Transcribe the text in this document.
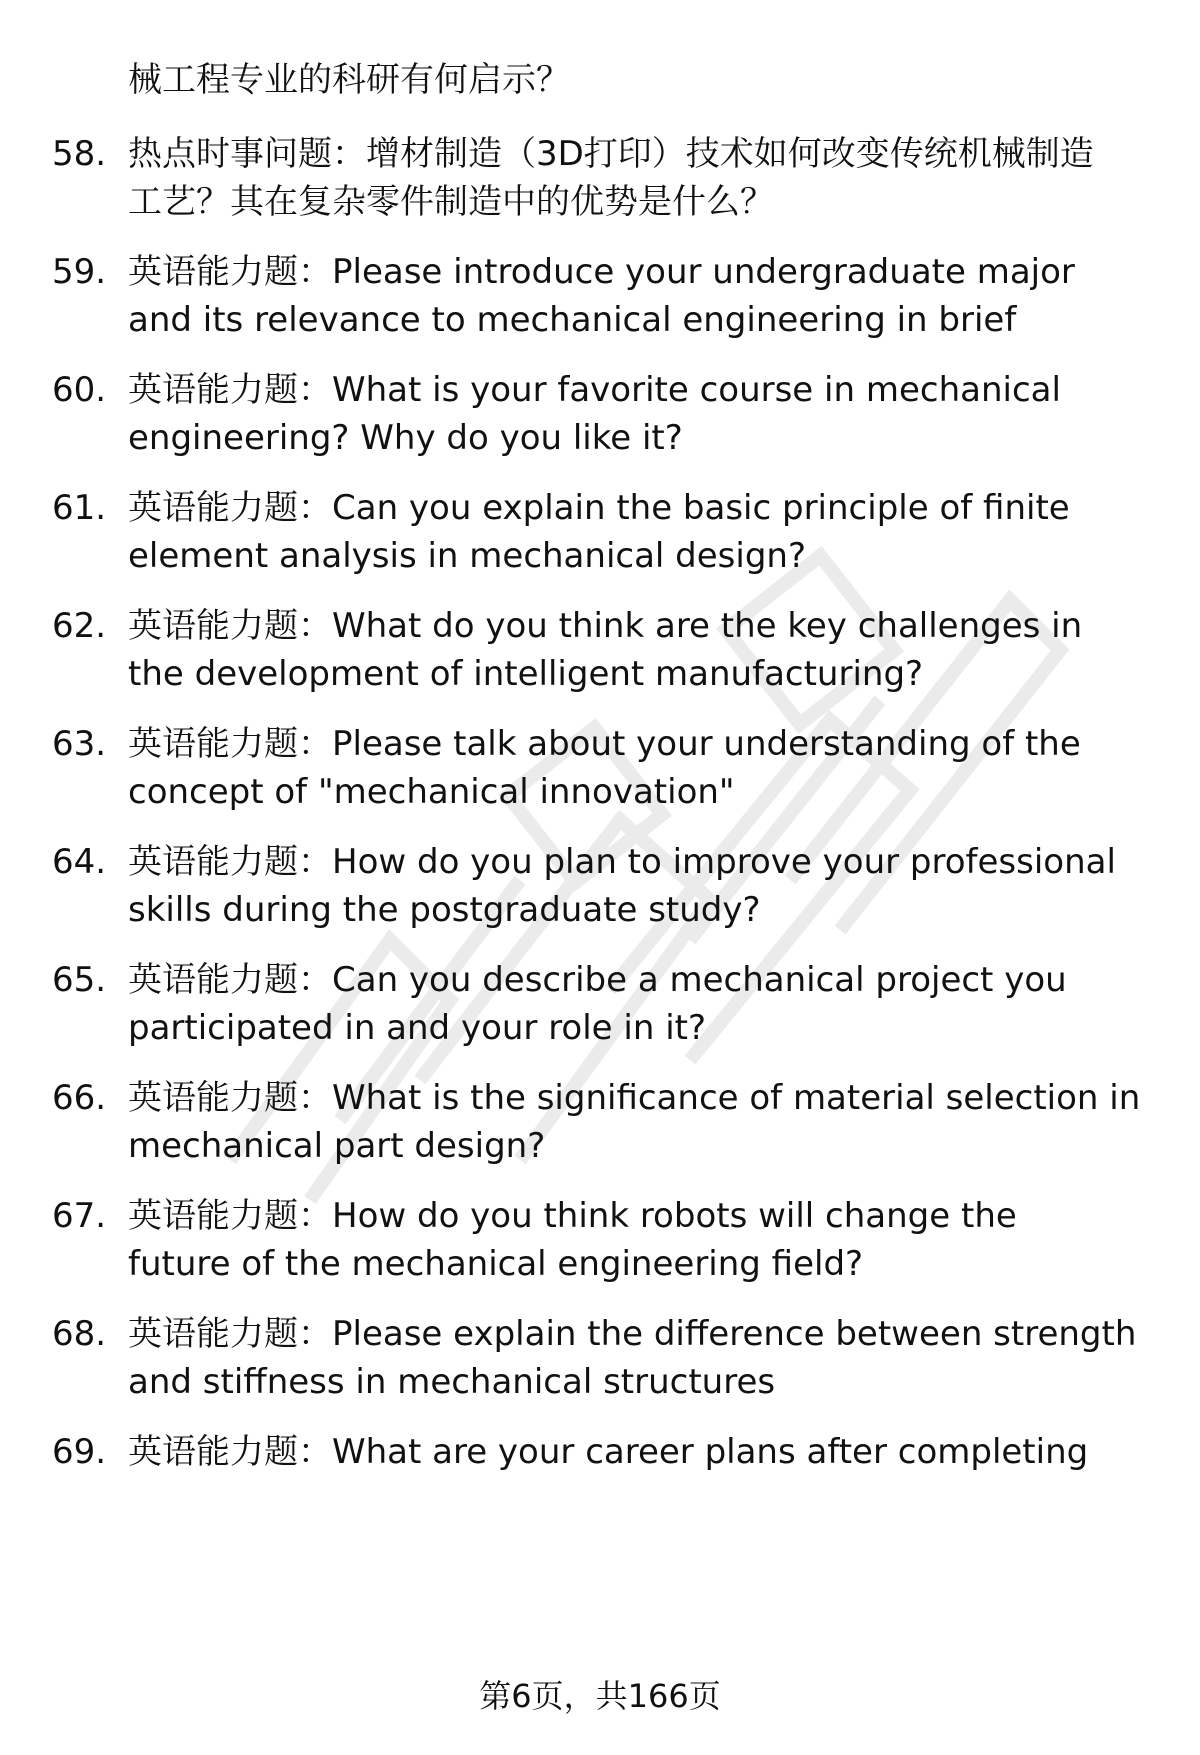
械工程专业的科研有何启示？
58. 热点时事问题：增材制造（3D打印）技术如何改变传统机械制造
工艺？其在复杂零件制造中的优势是什么？
59. 英语能力题：Please introduce your undergraduate major
and its relevance to mechanical engineering in brief
60. 英语能力题：What is your favorite course in mechanical
engineering? Why do you like it?
61. 英语能力题：Can you explain the basic principle of finite
element analysis in mechanical design?
62. 英语能力题：What do you think are the key challenges in
the development of intelligent manufacturing?
63. 英语能力题：Please talk about your understanding of the
concept of "mechanical innovation"
64. 英语能力题：How do you plan to improve your professional
skills during the postgraduate study?
65. 英语能力题：Can you describe a mechanical project you
participated in and your role in it?
66. 英语能力题：What is the significance of material selection in
mechanical part design?
67. 英语能力题：How do you think robots will change the
future of the mechanical engineering field?
68. 英语能力题：Please explain the difference between strength
and stiffness in mechanical structures
69. 英语能力题：What are your career plans after completing
第6页，共166页
